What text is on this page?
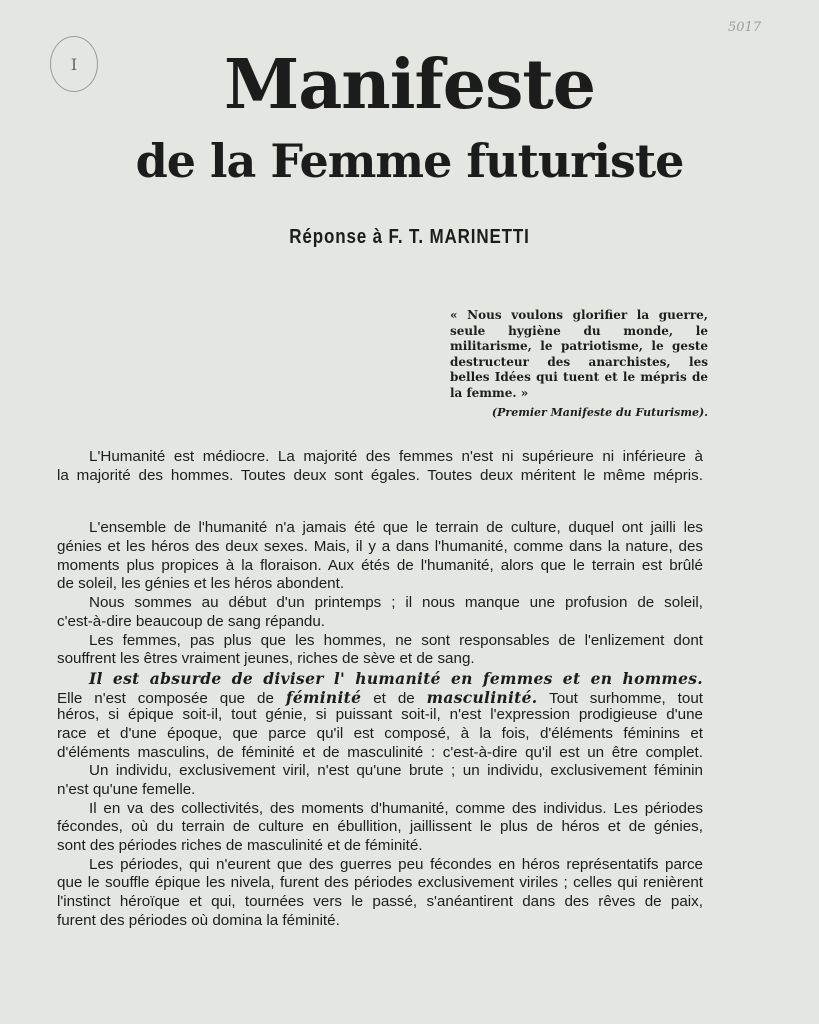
I
5017
Manifeste
de la Femme futuriste
Réponse à F. T. MARINETTI
« Nous voulons glorifier la guerre, seule hygiène du monde, le militarisme, le patriotisme, le geste destructeur des anarchistes, les belles Idées qui tuent et le mépris de la femme. »
(Premier Manifeste du Futurisme).
L'Humanité est médiocre. La majorité des femmes n'est ni supérieure ni inférieure à
la majorité des hommes. Toutes deux sont égales. Toutes deux méritent le même mépris.
L'ensemble de l'humanité n'a jamais été que le terrain de culture, duquel ont jailli les
génies et les héros des deux sexes. Mais, il y a dans l'humanité, comme dans la nature, des
moments plus propices à la floraison. Aux étés de l'humanité, alors que le terrain est brûlé
de soleil, les génies et les héros abondent.
Nous sommes au début d'un printemps ; il nous manque une profusion de soleil,
c'est-à-dire beaucoup de sang répandu.
Les femmes, pas plus que les hommes, ne sont responsables de l'enlizement dont
souffrent les êtres vraiment jeunes, riches de sève et de sang.
Il est absurde de diviser l' humanité en femmes et en hommes.
Elle n'est composée que de féminité et de masculinité. Tout surhomme, tout
héros, si épique soit-il, tout génie, si puissant soit-il, n'est l'expression prodigieuse d'une
race et d'une époque, que parce qu'il est composé, à la fois, d'éléments féminins et
d'éléments masculins, de féminité et de masculinité : c'est-à-dire qu'il est un être complet.
Un individu, exclusivement viril, n'est qu'une brute ; un individu, exclusivement féminin
n'est qu'une femelle.
Il en va des collectivités, des moments d'humanité, comme des individus. Les périodes
fécondes, où du terrain de culture en ébullition, jaillissent le plus de héros et de génies,
sont des périodes riches de masculinité et de féminité.
Les périodes, qui n'eurent que des guerres peu fécondes en héros représentatifs parce
que le souffle épique les nivela, furent des périodes exclusivement viriles ; celles qui renièrent
l'instinct héroïque et qui, tournées vers le passé, s'anéantirent dans des rêves de paix,
furent des périodes où domina la féminité.
